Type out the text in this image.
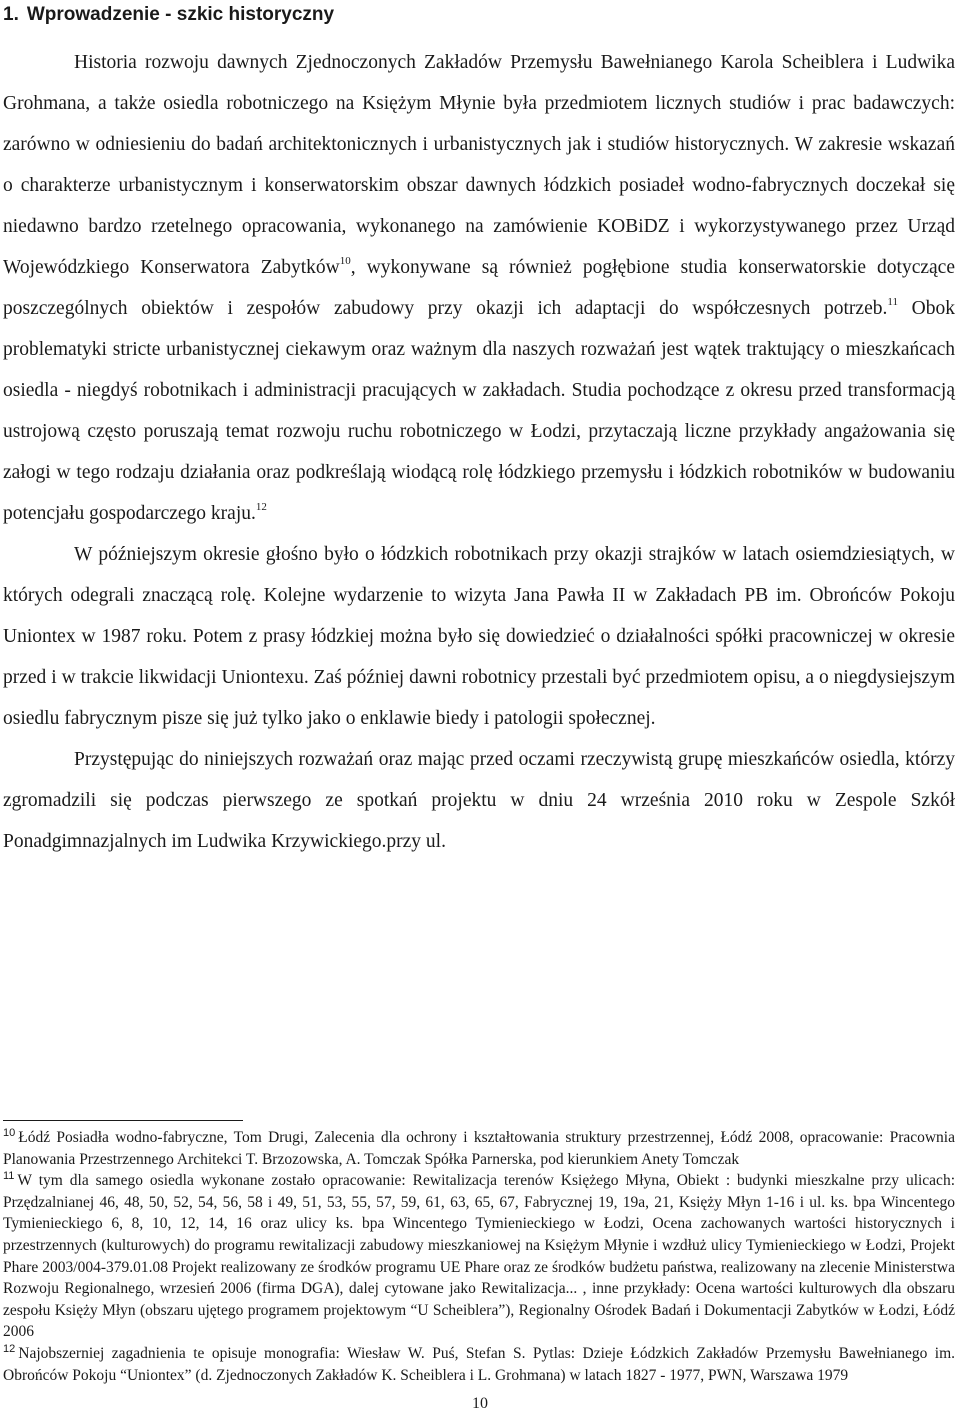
1. Wprowadzenie - szkic historyczny

Historia rozwoju dawnych Zjednoczonych Zakładów Przemysłu Bawełnianego Karola Scheiblera i Ludwika Grohmana, a także osiedla robotniczego na Księżym Młynie była przedmiotem licznych studiów i prac badawczych: zarówno w odniesieniu do badań architektonicznych i urbanistycznych jak i studiów historycznych. W zakresie wskazań o charakterze urbanistycznym i konserwatorskim obszar dawnych łódzkich posiadeł wodno-fabrycznych doczekał się niedawno bardzo rzetelnego opracowania, wykonanego na zamówienie KOBiDZ i wykorzystywanego przez Urząd Wojewódzkiego Konserwatora Zabytków$^{10}$, wykonywane są również pogłębione studia konserwatorskie dotyczące poszczególnych obiektów i zespołów zabudowy przy okazji ich adaptacji do współczesnych potrzeb.$^{11}$ Obok problematyki stricte urbanistycznej ciekawym oraz ważnym dla naszych rozważań jest wątek traktujący o mieszkańcach osiedla - niegdyś robotnikach i administracji pracujących w zakładach. Studia pochodzące z okresu przed transformacją ustrojową często poruszają temat rozwoju ruchu robotniczego w Łodzi, przytaczają liczne przykłady angażowania się załogi w tego rodzaju działania oraz podkreślają wiodącą rolę łódzkiego przemysłu i łódzkich robotników w budowaniu potencjału gospodarczego kraju.$^{12}$

W późniejszym okresie głośno było o łódzkich robotnikach przy okazji strajków w latach osiemdziesiątych, w których odegrali znaczącą rolę. Kolejne wydarzenie to wizyta Jana Pawła II w Zakładach PB im. Obrońców Pokoju Uniontex w 1987 roku. Potem z prasy łódzkiej można było się dowiedzieć o działalności spółki pracowniczej w okresie przed i w trakcie likwidacji Uniontexu. Zaś później dawni robotnicy przestali być przedmiotem opisu, a o niegdysiejszym osiedlu fabrycznym pisze się już tylko jako o enklawie biedy i patologii społecznej.

Przystępując do niniejszych rozważań oraz mając przed oczami rzeczywistą grupę mieszkańców osiedla, którzy zgromadzili się podczas pierwszego ze spotkań projektu w dniu 24 września 2010 roku w Zespole Szkół Ponadgimnazjalnych im Ludwika Krzywickiego.przy ul.

$^{10}$ Łódź Posiadła wodno-fabryczne, Tom Drugi, Zalecenia dla ochrony i kształtowania struktury przestrzennej, Łódź 2008, opracowanie: Pracownia Planowania Przestrzennego Architekci T. Brzozowska, A. Tomczak Spółka Parnerska, pod kierunkiem Anety Tomczak

$^{11}$ W tym dla samego osiedla wykonane zostało opracowanie: Rewitalizacja terenów Księżego Młyna, Obiekt : budynki mieszkalne przy ulicach: Przędzalnianej 46, 48, 50, 52, 54, 56, 58 i 49, 51, 53, 55, 57, 59, 61, 63, 65, 67, Fabrycznej 19, 19a, 21, Księży Młyn 1-16 i ul. ks. bpa Wincentego Tymienieckiego 6, 8, 10, 12, 14, 16 oraz ulicy ks. bpa Wincentego Tymienieckiego w Łodzi, Ocena zachowanych wartości historycznych i przestrzennych (kulturowych) do programu rewitalizacji zabudowy mieszkaniowej na Księżym Młynie i wzdłuż ulicy Tymienieckiego w Łodzi, Projekt Phare 2003/004-379.01.08 Projekt realizowany ze środków programu UE Phare oraz ze środków budżetu państwa, realizowany na zlecenie Ministerstwa Rozwoju Regionalnego, wrzesień 2006 (firma DGA), dalej cytowane jako Rewitalizacja... , inne przykłady: Ocena wartości kulturowych dla obszaru zespołu Księży Młyn (obszaru ujętego programem projektowym “U Scheiblera”), Regionalny Ośrodek Badań i Dokumentacji Zabytków w Łodzi, Łódź 2006

$^{12}$ Najobszerniej zagadnienia te opisuje monografia: Wiesław W. Puś, Stefan S. Pytlas: Dzieje Łódzkich Zakładów Przemysłu Bawełnianego im. Obrońców Pokoju “Uniontex” (d. Zjednoczonych Zakładów K. Scheiblera i L. Grohmana) w latach 1827 - 1977, PWN, Warszawa 1979

10
